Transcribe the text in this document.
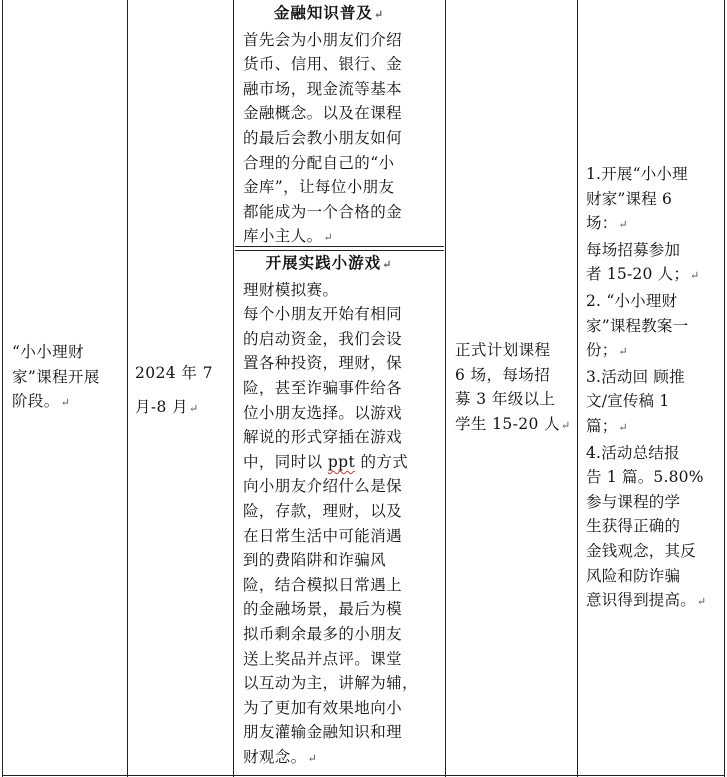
“小小理财
家”课程开展
阶段。↵
2024 年 7
月-8 月↵
金融知识普及↵
首先会为小朋友们介绍
货币、信用、银行、金
融市场，现金流等基本
金融概念。以及在课程
的最后会教小朋友如何
合理的分配自己的“小
金库”，让每位小朋友
都能成为一个合格的金
库小主人。↵
开展实践小游戏↵
理财模拟赛。
每个小朋友开始有相同
的启动资金，我们会设
置各种投资，理财，保
险，甚至诈骗事件给各
位小朋友选择。以游戏
解说的形式穿插在游戏
中，同时以 ppt 的方式
向小朋友介绍什么是保
险，存款，理财，以及
在日常生活中可能消遇
到的费陷阱和诈骗风
险，结合模拟日常遇上
的金融场景，最后为模
拟币剩余最多的小朋友
送上奖品并点评。课堂
以互动为主，讲解为辅，
为了更加有效果地向小
朋友灌输金融知识和理
财观念。↵
正式计划课程
6 场，每场招
募 3 年级以上
学生 15-20 人↵
1.开展“小小理
财家”课程 6
场：↵
每场招募参加
者 15-20 人；↵
2. “小小理财
家”课程教案一
份；↵
3.活动回 顾推
文/宣传稿 1
篇；↵
4.活动总结报
告 1 篇。5.80%
参与课程的学
生获得正确的
金钱观念，其反
风险和防诈骗
意识得到提高。↵
